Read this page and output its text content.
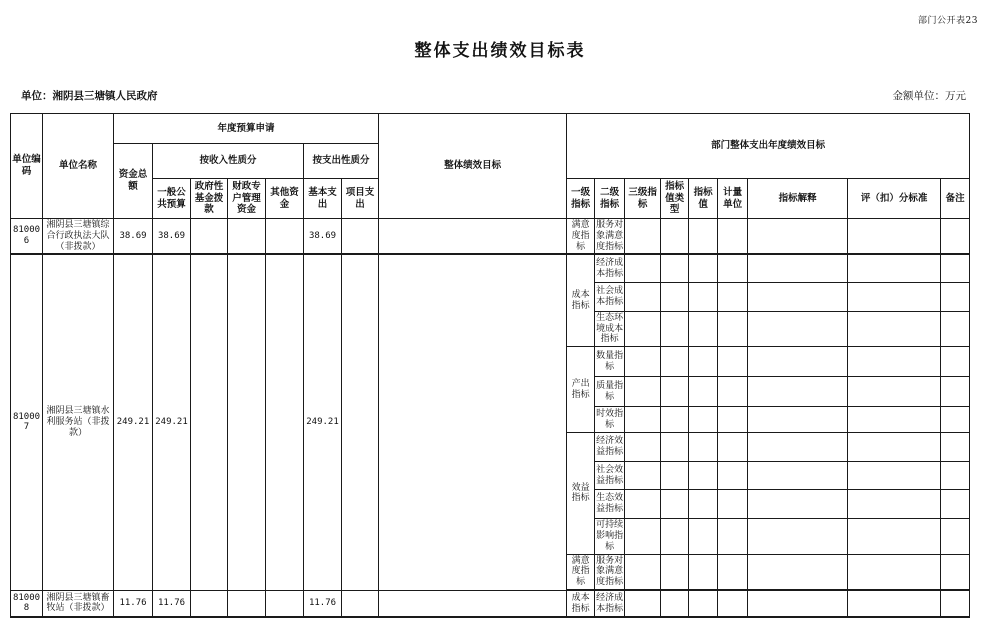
部门公开表23
整体支出绩效目标表
单位：湘阴县三塘镇人民政府	金额单位：万元
单位编码	单位名称	年度预算申请							整体绩效目标	部门整体支出年度绩效目标								
		资金总额	按收入性质分				按支出性质分											
			一般公共预算	政府性基金拨款	财政专户管理资金	其他资金	基本支出	项目支出		一级指标	二级指标	三级指标	指标值类型	指标值	计量单位	指标解释	评（扣）分标准	备注
810006	湘阴县三塘镇综合行政执法大队（非拨款）	38.69	38.69				38.69			满意度指标	服务对象满意度指标							
810007	湘阴县三塘镇水利服务站（非拨款）	249.21	249.21				249.21			成本指标	经济成本指标							
											社会成本指标							
											生态环境成本指标							
										产出指标	数量指标							
											质量指标							
											时效指标							
										效益指标	经济效益指标							
											社会效益指标							
											生态效益指标							
											可持续影响指标							
										满意度指标	服务对象满意度指标							
810008	湘阴县三塘镇畜牧站（非拨款）	11.76	11.76				11.76			成本指标	经济成本指标							
